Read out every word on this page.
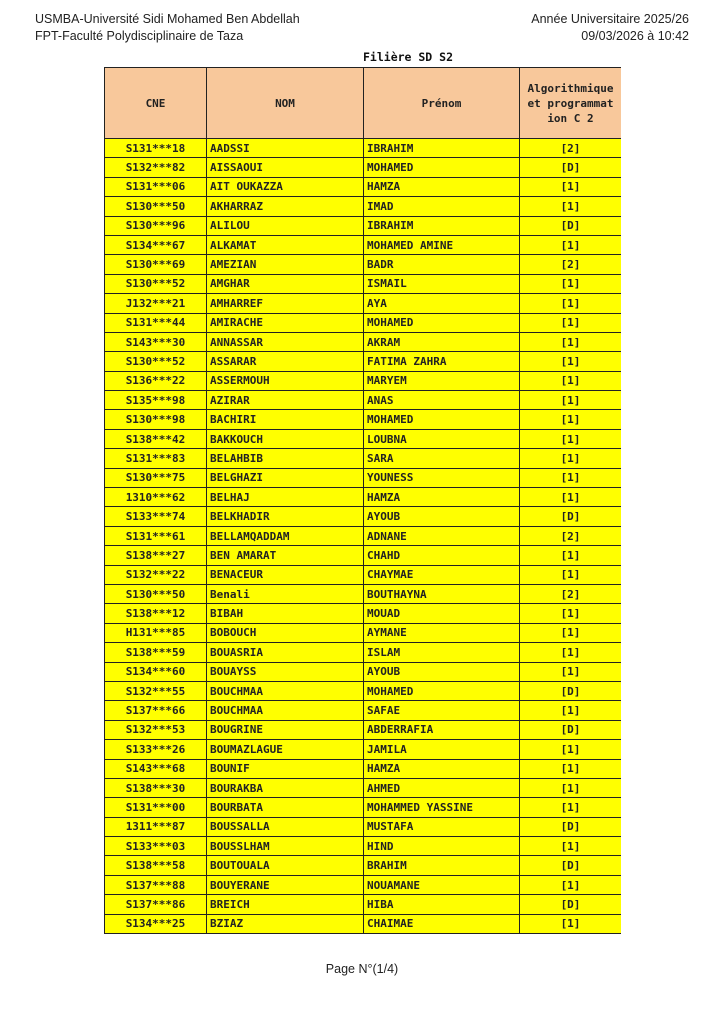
USMBA-Université Sidi Mohamed Ben Abdellah
FPT-Faculté Polydisciplinaire de Taza
Année Universitaire 2025/26
09/03/2026 à 10:42
Filière SD S2
CNE	NOM	Prénom	Algorithmique et programmation C 2

S131***18	AADSSI	IBRAHIM	[2]
S132***82	AISSAOUI	MOHAMED	[D]
S131***06	AIT OUKAZZA	HAMZA	[1]
S130***50	AKHARRAZ	IMAD	[1]
S130***96	ALILOU	IBRAHIM	[D]
S134***67	ALKAMAT	MOHAMED AMINE	[1]
S130***69	AMEZIAN	BADR	[2]
S130***52	AMGHAR	ISMAIL	[1]
J132***21	AMHARREF	AYA	[1]
S131***44	AMIRACHE	MOHAMED	[1]
S143***30	ANNASSAR	AKRAM	[1]
S130***52	ASSARAR	FATIMA ZAHRA	[1]
S136***22	ASSERMOUH	MARYEM	[1]
S135***98	AZIRAR	ANAS	[1]
S130***98	BACHIRI	MOHAMED	[1]
S138***42	BAKKOUCH	LOUBNA	[1]
S131***83	BELAHBIB	SARA	[1]
S130***75	BELGHAZI	YOUNESS	[1]
1310***62	BELHAJ	HAMZA	[1]
S133***74	BELKHADIR	AYOUB	[D]
S131***61	BELLAMQADDAM	ADNANE	[2]
S138***27	BEN AMARAT	CHAHD	[1]
S132***22	BENACEUR	CHAYMAE	[1]
S130***50	Benali	BOUTHAYNA	[2]
S138***12	BIBAH	MOUAD	[1]
H131***85	BOBOUCH	AYMANE	[1]
S138***59	BOUASRIA	ISLAM	[1]
S134***60	BOUAYSS	AYOUB	[1]
S132***55	BOUCHMAA	MOHAMED	[D]
S137***66	BOUCHMAA	SAFAE	[1]
S132***53	BOUGRINE	ABDERRAFIA	[D]
S133***26	BOUMAZLAGUE	JAMILA	[1]
S143***68	BOUNIF	HAMZA	[1]
S138***30	BOURAKBA	AHMED	[1]
S131***00	BOURBATA	MOHAMMED YASSINE	[1]
1311***87	BOUSSALLA	MUSTAFA	[D]
S133***03	BOUSSLHAM	HIND	[1]
S138***58	BOUTOUALA	BRAHIM	[D]
S137***88	BOUYERANE	NOUAMANE	[1]
S137***86	BREICH	HIBA	[D]
S134***25	BZIAZ	CHAIMAE	[1]
Page N°(1/4)
